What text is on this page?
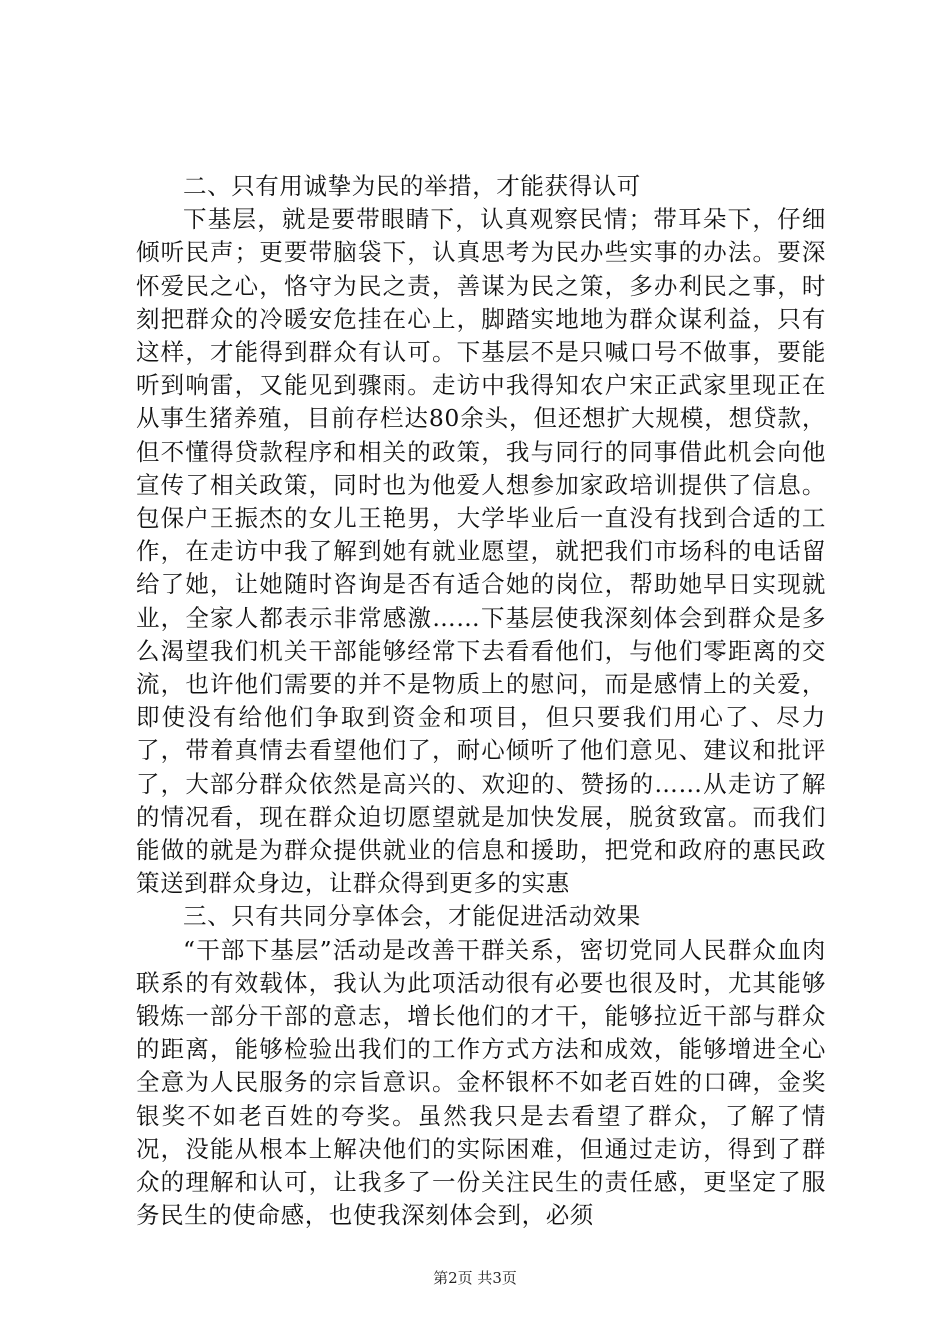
二、只有用诚挚为民的举措，才能获得认可

下基层，就是要带眼睛下，认真观察民情；带耳朵下，仔细倾听民声；更要带脑袋下，认真思考为民办些实事的办法。要深怀爱民之心，恪守为民之责，善谋为民之策，多办利民之事，时刻把群众的冷暖安危挂在心上，脚踏实地地为群众谋利益，只有这样，才能得到群众有认可。下基层不是只喊口号不做事，要能听到响雷，又能见到骤雨。走访中我得知农户宋正武家里现正在从事生猪养殖，目前存栏达80余头，但还想扩大规模，想贷款，但不懂得贷款程序和相关的政策，我与同行的同事借此机会向他宣传了相关政策，同时也为他爱人想参加家政培训提供了信息。包保户王振杰的女儿王艳男，大学毕业后一直没有找到合适的工作，在走访中我了解到她有就业愿望，就把我们市场科的电话留给了她，让她随时咨询是否有适合她的岗位，帮助她早日实现就业，全家人都表示非常感激……下基层使我深刻体会到群众是多么渴望我们机关干部能够经常下去看看他们，与他们零距离的交流，也许他们需要的并不是物质上的慰问，而是感情上的关爱，即使没有给他们争取到资金和项目，但只要我们用心了、尽力了，带着真情去看望他们了，耐心倾听了他们意见、建议和批评了，大部分群众依然是高兴的、欢迎的、赞扬的……从走访了解的情况看，现在群众迫切愿望就是加快发展，脱贫致富。而我们能做的就是为群众提供就业的信息和援助，把党和政府的惠民政策送到群众身边，让群众得到更多的实惠

三、只有共同分享体会，才能促进活动效果

“干部下基层”活动是改善干群关系，密切党同人民群众血肉联系的有效载体，我认为此项活动很有必要也很及时，尤其能够锻炼一部分干部的意志，增长他们的才干，能够拉近干部与群众的距离，能够检验出我们的工作方式方法和成效，能够增进全心全意为人民服务的宗旨意识。金杯银杯不如老百姓的口碑，金奖银奖不如老百姓的夸奖。虽然我只是去看望了群众，了解了情况，没能从根本上解决他们的实际困难，但通过走访，得到了群众的理解和认可，让我多了一份关注民生的责任感，更坚定了服务民生的使命感，也使我深刻体会到，必须

第2页 共3页
